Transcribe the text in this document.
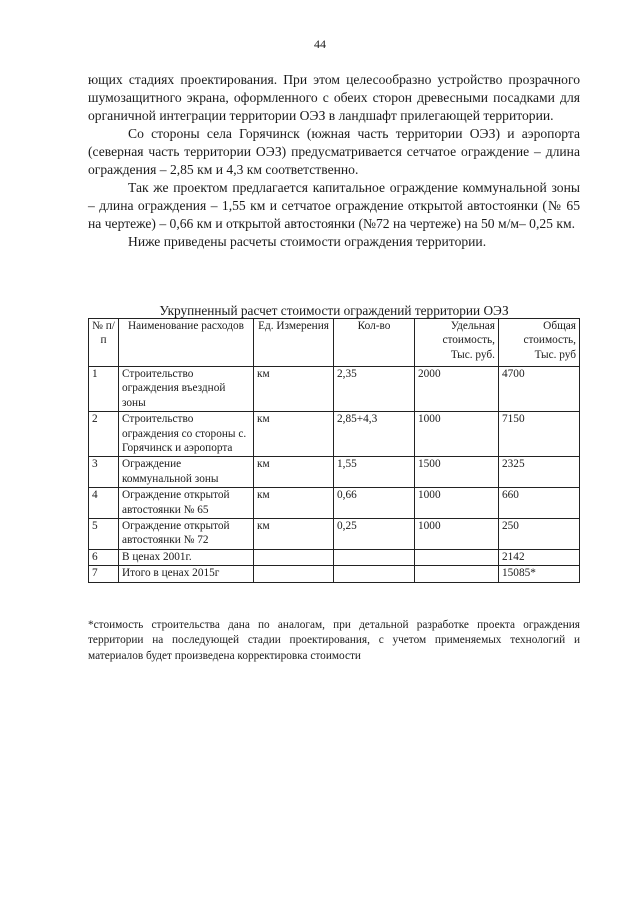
44

ющих стадиях проектирования. При этом целесообразно устройство прозрачного шумозащитного экрана, оформленного с обеих сторон древесными посадками для органичной интеграции территории ОЭЗ в ландшафт прилегающей территории.

Со стороны села Горячинск (южная часть территории ОЭЗ) и аэропорта (северная часть территории ОЭЗ) предусматривается сетчатое ограждение – длина ограждения – 2,85 км и 4,3 км соответственно.

Так же проектом предлагается капитальное ограждение коммунальной зоны – длина ограждения – 1,55 км и сетчатое ограждение открытой автостоянки (№ 65 на чертеже) – 0,66 км и открытой автостоянки (№72 на чертеже) на 50 м/м– 0,25 км.

Ниже приведены расчеты стоимости ограждения территории.

Укрупненный расчет стоимости ограждений территории ОЭЗ
№ п/п	Наименование расходов	Ед. Измерения	Кол-во	Удельная стоимость, Тыс. руб.	Общая стоимость, Тыс. руб
1	Строительство ограждения въездной зоны	км	2,35	2000	4700
2	Строительство ограждения со стороны с. Горячинск и аэропорта	км	2,85+4,3	1000	7150
3	Ограждение коммунальной зоны	км	1,55	1500	2325
4	Ограждение открытой автостоянки № 65	км	0,66	1000	660
5	Ограждение открытой автостоянки № 72	км	0,25	1000	250
6	В ценах 2001г.				2142
7	Итого в ценах 2015г				15085*
*стоимость строительства дана по аналогам, при детальной разработке проекта ограждения территории на последующей стадии проектирования, с учетом применяемых технологий и материалов будет произведена корректировка стоимости
